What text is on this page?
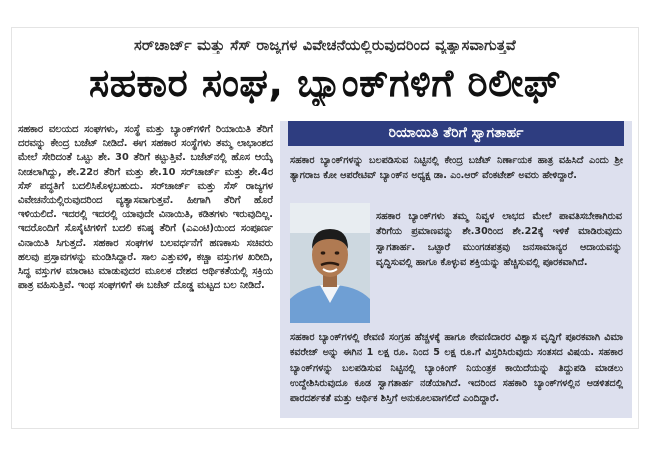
ಸರ್‌ಚಾರ್ಜ್ ಮತ್ತು ಸೆಸ್ ರಾಜ್ಯಗಳ ವಿವೇಚನೆಯಲ್ಲಿರುವುದರಿಂದ ವ್ಯತ್ಯಾಸವಾಗುತ್ತವೆ
ಸಹಕಾರ ಸಂಘ, ಬ್ಯಾಂಕ್‌ಗಳಿಗೆ ರಿಲೀಫ್

ಸಹಕಾರ ವಲಯದ ಸಂಘಗಳು, ಸಂಸ್ಥೆ ಮತ್ತು ಬ್ಯಾಂಕ್‌ಗಳಿಗೆ ರಿಯಾಯಿತಿ ತೆರಿಗೆ ದರವನ್ನು ಕೇಂದ್ರ ಬಜೆಟ್ ನೀಡಿದೆ. ಈಗ ಸಹಕಾರ ಸಂಸ್ಥೆಗಳು ತಮ್ಮ ಲಾಭಾಂಶದ ಮೇಲೆ ಸೇರಿದಂತೆ ಒಟ್ಟು ಶೇ. 30 ತೆರಿಗೆ ಕಟ್ಟುತ್ತಿವೆ. ಬಜೆಟ್‌ನಲ್ಲಿ ಹೊಸ ಆಯ್ಕೆ ನೀಡಲಾಗಿದ್ದು, ಶೇ.22ರ ತೆರಿಗೆ ಮತ್ತು ಶೇ.10 ಸರ್‌ಚಾರ್ಜ್ ಮತ್ತು ಶೇ.4ರ ಸೆಸ್ ಪದ್ಧತಿಗೆ ಬದಲಿಸಿಕೊಳ್ಳಬಹುದು. ಸರ್‌ಚಾರ್ಜ್ ಮತ್ತು ಸೆಸ್ ರಾಜ್ಯಗಳ ವಿವೇಚನೆಯಲ್ಲಿರುವುದರಿಂದ ವ್ಯತ್ಯಾಸವಾಗುತ್ತವೆ. ಹೀಗಾಗಿ ತೆರಿಗೆ ಹೊರೆ ಇಳಿಯಲಿದೆ. ಇದರಲ್ಲಿ ಇದರಲ್ಲಿ ಯಾವುದೇ ವಿನಾಯಿತಿ, ಕಡಿತಗಳು ಇರುವುದಿಲ್ಲ. ಇದರೊಂದಿಗೆ ಸೊಸೈಟಿಗಳಿಗೆ ಬದಲಿ ಕನಿಷ್ಠ ತೆರಿಗೆ (ಎಎಂಟಿ)ಯಿಂದ ಸಂಪೂರ್ಣ ವಿನಾಯಿತಿ ಸಿಗುತ್ತದೆ. ಸಹಕಾರ ಸಂಘಗಳ ಬಲವರ್ಧನೆಗೆ ಹಣಕಾಸು ಸಚಿವರು ಹಲವು ಪ್ರಸ್ತಾವಗಳನ್ನು ಮಂಡಿಸಿದ್ದಾರೆ. ಸಾಲ ಎತ್ತುವಳಿ, ಕಚ್ಚಾ ವಸ್ತುಗಳ ಖರೀದಿ, ಸಿದ್ಧ ವಸ್ತುಗಳ ಮಾರಾಟ ಮಾಡುವುದರ ಮೂಲಕ ದೇಶದ ಆರ್ಥಿಕತೆಯಲ್ಲಿ ಸಕ್ರಿಯ ಪಾತ್ರ ವಹಿಸುತ್ತಿವೆ. ಇಂಥ ಸಂಘಗಳಿಗೆ ಈ ಬಜೆಟ್ ದೊಡ್ಡ ಮಟ್ಟದ ಬಲ ನೀಡಿದೆ.

ರಿಯಾಯಿತಿ ತೆರಿಗೆ ಸ್ವಾಗತಾರ್ಹ

ಸಹಕಾರ ಬ್ಯಾಂಕ್‌ಗಳನ್ನು ಬಲಪಡಿಸುವ ನಿಟ್ಟಿನಲ್ಲಿ ಕೇಂದ್ರ ಬಜೆಟ್ ನಿರ್ಣಾಯಕ ಹಾತ್ರ ವಹಿಸಿದೆ ಎಂದು ಶ್ರೀ ತ್ಯಾಗರಾಜ ಕೋ ಆಪರೇಟಿವ್ ಬ್ಯಾಂಕ್‌ನ ಅಧ್ಯಕ್ಷ ಡಾ. ಎಂ.ಆರ್ ವೆಂಕಟೇಶ್ ಅವರು ಹೇಳಿದ್ದಾರೆ.

ಸಹಕಾರ ಬ್ಯಾಂಕ್‌ಗಳು ತಮ್ಮ ನಿವ್ವಳ ಲಾಭದ ಮೇಲೆ ಪಾವತಿಸಬೇಕಾಗಿರುವ ತೆರಿಗೆಯ ಪ್ರಮಾಣವನ್ನು ಶೇ.30ರಿಂದ ಶೇ.22ಕ್ಕೆ ಇಳಿಕೆ ಮಾಡಿರುವುದು ಸ್ವಾಗತಾರ್ಹ. ಒಟ್ಟಾರೆ ಮುಂಗಡಪತ್ರವು ಜನಸಾಮಾನ್ಯರ ಆದಾಯವನ್ನು ವೃದ್ಧಿಸುವಲ್ಲಿ ಹಾಗೂ ಕೊಳ್ಳುವ ಶಕ್ತಿಯನ್ನು ಹೆಚ್ಚಿಸುವಲ್ಲಿ ಪೂರಕವಾಗಿದೆ.

ಸಹಕಾರ ಬ್ಯಾಂಕ್‌ಗಳಲ್ಲಿ ಠೇವಣಿ ಸಂಗ್ರಹ ಹೆಚ್ಚಳಕ್ಕೆ ಹಾಗೂ ಠೇವಣಿದಾರರ ವಿಶ್ವಾಸ ವೃದ್ಧಿಗೆ ಪೂರಕವಾಗಿ ವಿಮಾ ಕವರೇಜ್ ಅನ್ನು ಈಗಿನ 1 ಲಕ್ಷ ರೂ. ನಿಂದ 5 ಲಕ್ಷ ರೂ.ಗೆ ವಿಸ್ತರಿಸಿರುವುದು ಸಂತಸದ ವಿಷಯ. ಸಹಕಾರ ಬ್ಯಾಂಕ್‌ಗಳನ್ನು ಬಲಪಡಿಸುವ ನಿಟ್ಟಿನಲ್ಲಿ ಬ್ಯಾಂಕಿಂಗ್ ನಿಯಂತ್ರಕ ಕಾಯಿದೆಯನ್ನು ತಿದ್ದುಪಡಿ ಮಾಡಲು ಉದ್ದೇಶಿಸಿರುವುದೂ ಕೂಡ ಸ್ವಾಗತಾರ್ಹ ನಡೆಯಾಗಿದೆ. ಇದರಿಂದ ಸಹಕಾರಿ ಬ್ಯಾಂಕ್‌ಗಳಲ್ಲಿನ ಆಡಳಿತದಲ್ಲಿ ಪಾರದರ್ಶಕತೆ ಮತ್ತು ಆರ್ಥಿಕ ಶಿಸ್ತಿಗೆ ಅನುಕೂಲವಾಗಲಿದೆ ಎಂದಿದ್ದಾರೆ.
